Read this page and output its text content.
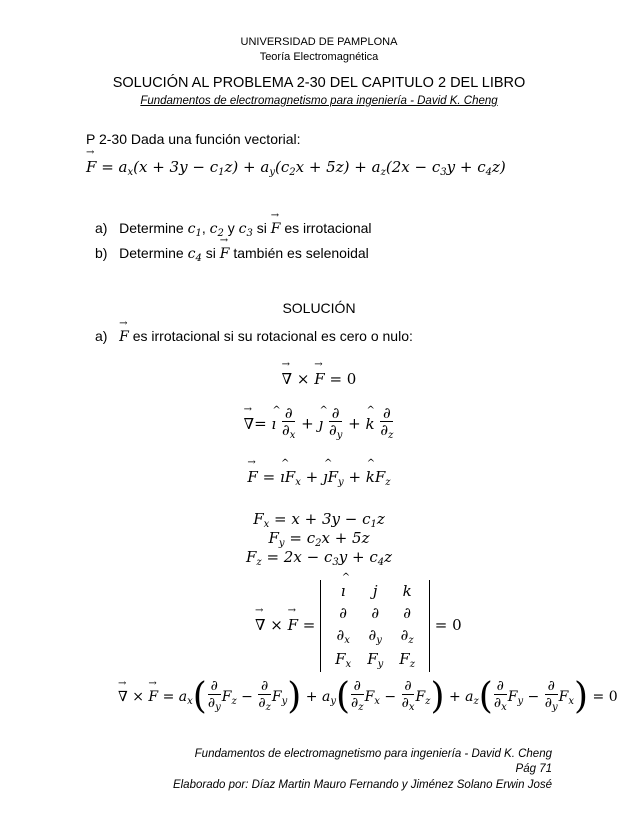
UNIVERSIDAD DE PAMPLONA
Teoría Electromagnética
SOLUCIÓN AL PROBLEMA 2-30 DEL CAPITULO 2 DEL LIBRO
Fundamentos de electromagnetismo para ingeniería - David K. Cheng
P 2-30 Dada una función vectorial:
→ $F = a_x(x + 3y - c_1z) + a_y(c_2x + 5z) + a_z(2x - c_3y + c_4z)$
a) Determine $c_1$, $c_2$ y $c_3$ si → F es irrotacional
b) Determine $c_4$ si → F también es selenoidal
SOLUCIÓN
a) → F es irrotacional si su rotacional es cero o nulo:
→ ∇ × → F = 0
→ ∇= ^ ı $\frac{\partial}{\partial_x}$ + ^ ȷ $\frac{\partial}{\partial_y}$ + ^ k $\frac{\partial}{\partial_z}$
→ F = ^ $ıF_x$ + ^ $ȷF_y$ + ^ $kF_z$
$F_x = x + 3y - c_1z$
$F_y = c_2x + 5z$
$F_z = 2x - c_3y + c_4z$
→ ∇ × → F =
^ ı	j	k
∂	∂	∂
$\partial_x$	$\partial_y$	$\partial_z$
$F_x$	$F_y$	$F_z$
= 0
→ ∇ × → $F = a_x( \frac{\partial}{\partial_y} F_z - \frac{\partial}{\partial_z} F_y) + a_y( \frac{\partial}{\partial_z} F_x - \frac{\partial}{\partial_x} F_z) + a_z( \frac{\partial}{\partial_x} F_y - \frac{\partial}{\partial_y} F_x) = 0$
Fundamentos de electromagnetismo para ingeniería - David K. Cheng
Pág 71
Elaborado por: Díaz Martin Mauro Fernando y Jiménez Solano Erwin José
